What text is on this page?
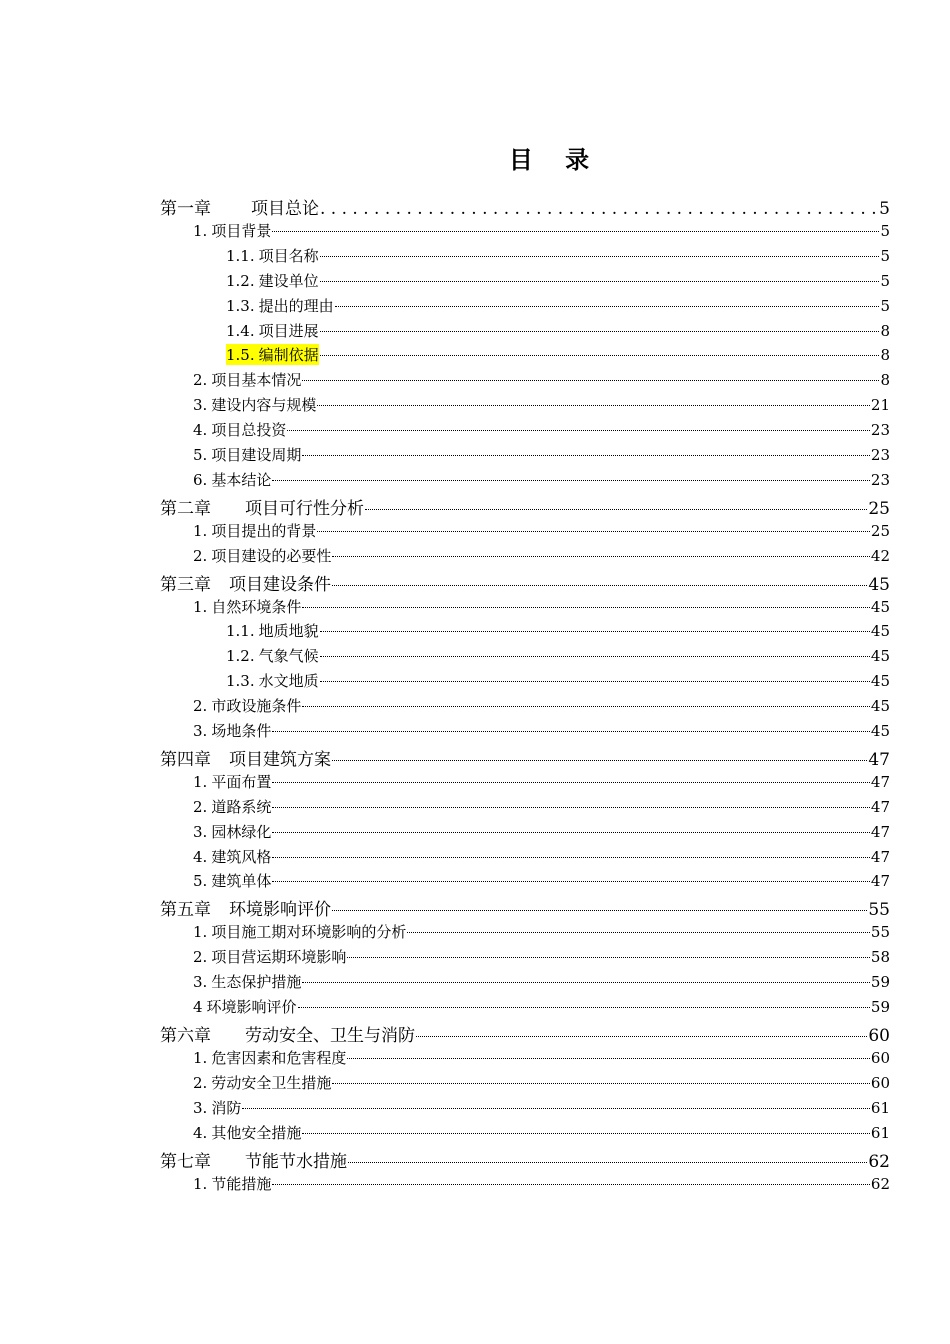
目 录
第一章 项目总论 . . .	5
1. 项目背景	5
1.1. 项目名称	5
1.2. 建设单位	5
1.3. 提出的理由	5
1.4. 项目进展	8
1.5. 编制依据	8
2. 项目基本情况	8
3. 建设内容与规模	21
4. 项目总投资	23
5. 项目建设周期	23
6. 基本结论	23
第二章 项目可行性分析	25
1. 项目提出的背景	25
2. 项目建设的必要性	42
第三章 项目建设条件	45
1. 自然环境条件	45
1.1. 地质地貌	45
1.2. 气象气候	45
1.3. 水文地质	45
2. 市政设施条件	45
3. 场地条件	45
第四章 项目建筑方案	47
1. 平面布置	47
2. 道路系统	47
3. 园林绿化	47
4. 建筑风格	47
5. 建筑单体	47
第五章 环境影响评价	55
1. 项目施工期对环境影响的分析	55
2. 项目营运期环境影响	58
3. 生态保护措施	59
4 环境影响评价	59
第六章 劳动安全、卫生与消防	60
1. 危害因素和危害程度	60
2. 劳动安全卫生措施	60
3. 消防	61
4. 其他安全措施	61
第七章 节能节水措施	62
1. 节能措施	62
